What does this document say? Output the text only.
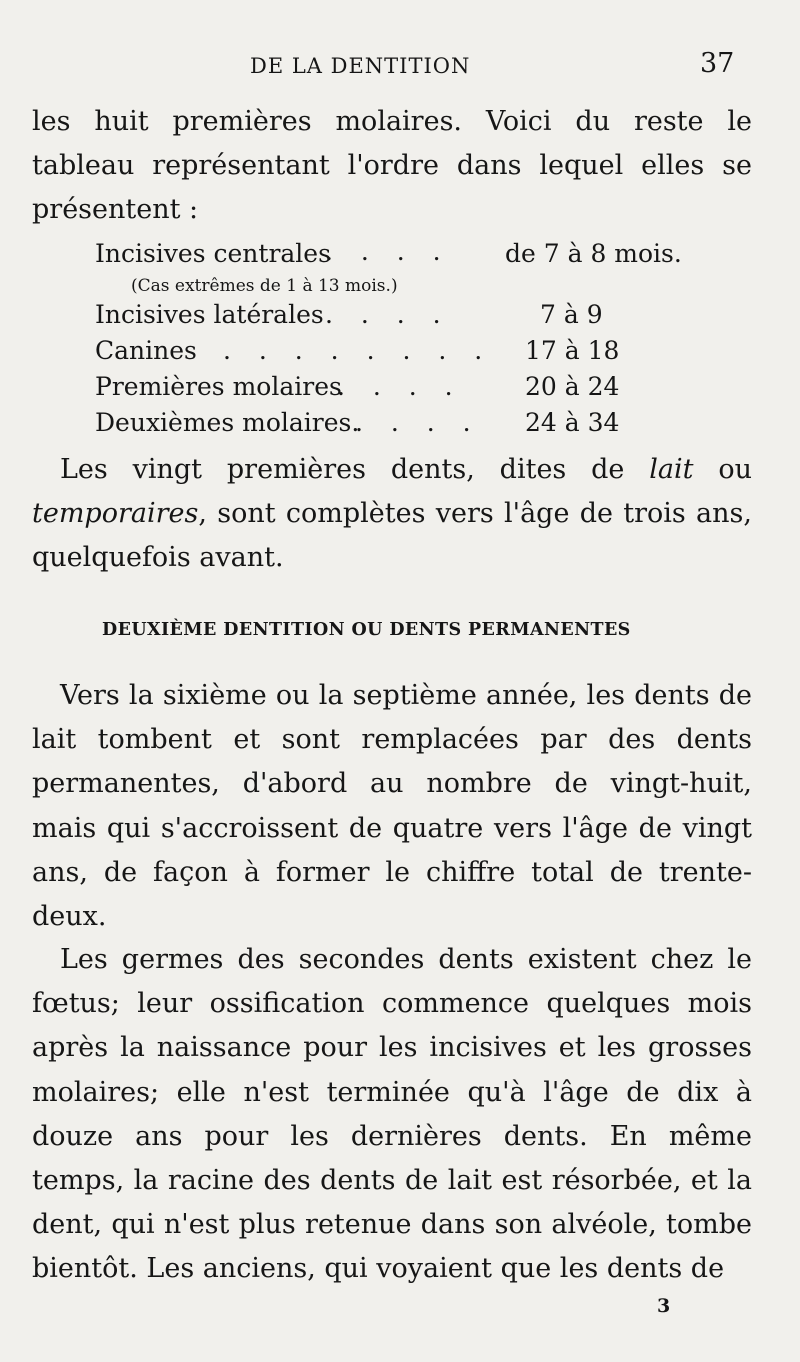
DE LA DENTITION	37

les huit premières molaires. Voici du reste le tableau représentant l'ordre dans lequel elles se présentent :

Incisives centrales
. . . . de 7 à 8 mois.
(Cas extrêmes de 1 à 13 mois.)
Incisives latérales . . . .	7 à 9
Canines . . . . . . . . 17 à 18
Premières molaires
. . . . 20 à 24
Deuxièmes molaires.
. . . . 24 à 34

Les vingt premières dents, dites de lait ou temporaires, sont complètes vers l'âge de trois ans, quelquefois avant.

DEUXIÈME DENTITION OU DENTS PERMANENTES

Vers la sixième ou la septième année, les dents de lait tombent et sont remplacées par des dents permanentes, d'abord au nombre de vingt-huit, mais qui s'accroissent de quatre vers l'âge de vingt ans, de façon à former le chiffre total de trente-deux.

Les germes des secondes dents existent chez le fœtus; leur ossification commence quelques mois après la naissance pour les incisives et les grosses molaires; elle n'est terminée qu'à l'âge de dix à douze ans pour les dernières dents. En même temps, la racine des dents de lait est résorbée, et la dent, qui n'est plus retenue dans son alvéole, tombe bientôt. Les anciens, qui voyaient que les dents de

3
